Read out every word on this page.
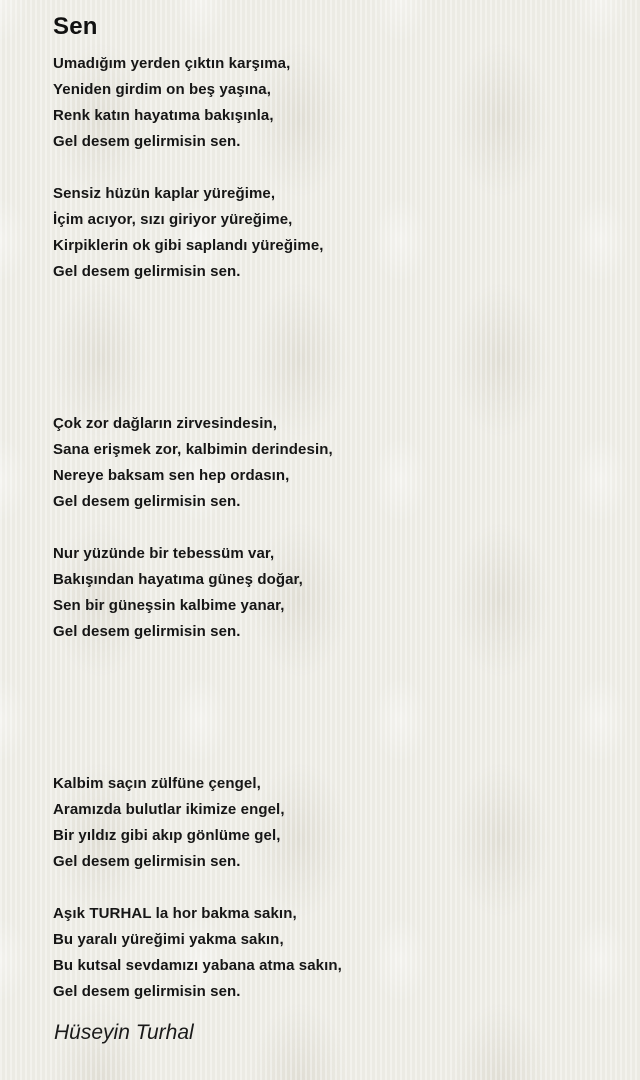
Sen
Umadığım yerden çıktın karşıma,
Yeniden girdim on beş yaşına,
Renk katın hayatıma bakışınla,
Gel desem gelirmisin sen.
Sensiz hüzün kaplar yüreğime,
İçim acıyor, sızı giriyor yüreğime,
Kirpiklerin ok gibi saplandı yüreğime,
Gel desem gelirmisin sen.
Çok zor dağların zirvesindesin,
Sana erişmek zor, kalbimin derindesin,
Nereye baksam sen hep ordasın,
Gel desem gelirmisin sen.
Nur yüzünde bir tebessüm var,
Bakışından hayatıma güneş doğar,
Sen bir güneşsin kalbime yanar,
Gel desem gelirmisin sen.
Kalbim saçın zülfüne çengel,
Aramızda bulutlar ikimize engel,
Bir yıldız gibi akıp gönlüme gel,
Gel desem gelirmisin sen.
Aşık TURHAL la hor bakma sakın,
Bu yaralı yüreğimi yakma sakın,
Bu kutsal sevdamızı yabana atma sakın,
Gel desem gelirmisin sen.
Hüseyin Turhal
